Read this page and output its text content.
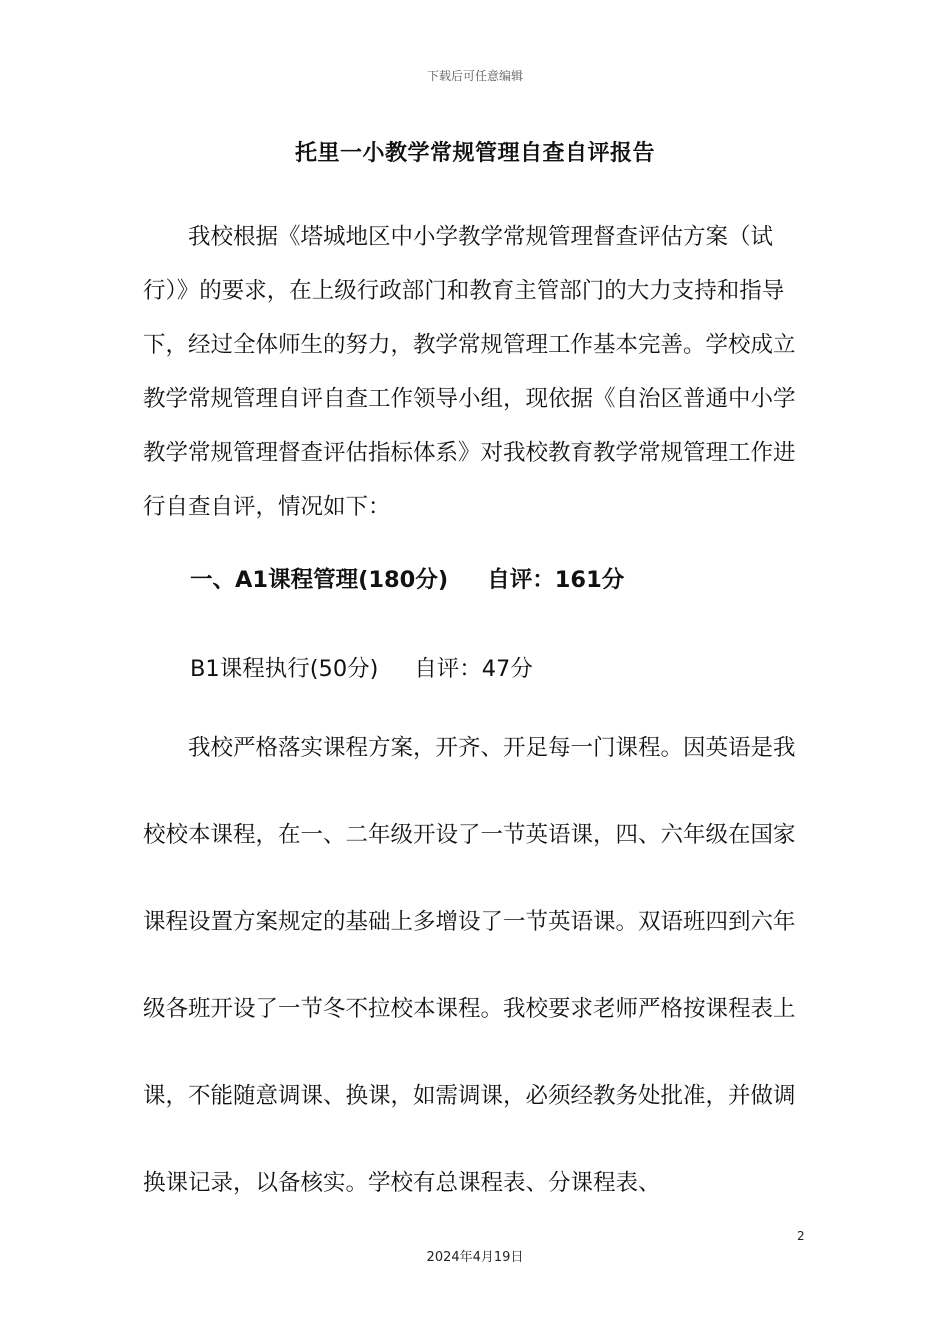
下载后可任意编辑
托里一小教学常规管理自查自评报告

我校根据《塔城地区中小学教学常规管理督查评估方案（试行）》的要求，在上级行政部门和教育主管部门的大力支持和指导下，经过全体师生的努力，教学常规管理工作基本完善。学校成立教学常规管理自评自查工作领导小组，现依据《自治区普通中小学教学常规管理督查评估指标体系》对我校教育教学常规管理工作进行自查自评，情况如下：

一、A1课程管理(180分)     自评：161分
B1课程执行(50分)     自评：47分

我校严格落实课程方案，开齐、开足每一门课程。因英语是我校校本课程，在一、二年级开设了一节英语课，四、六年级在国家课程设置方案规定的基础上多增设了一节英语课。双语班四到六年级各班开设了一节冬不拉校本课程。我校要求老师严格按课程表上课，不能随意调课、换课，如需调课，必须经教务处批准，并做调换课记录，以备核实。学校有总课程表、分课程表、

2
2024年4月19日
